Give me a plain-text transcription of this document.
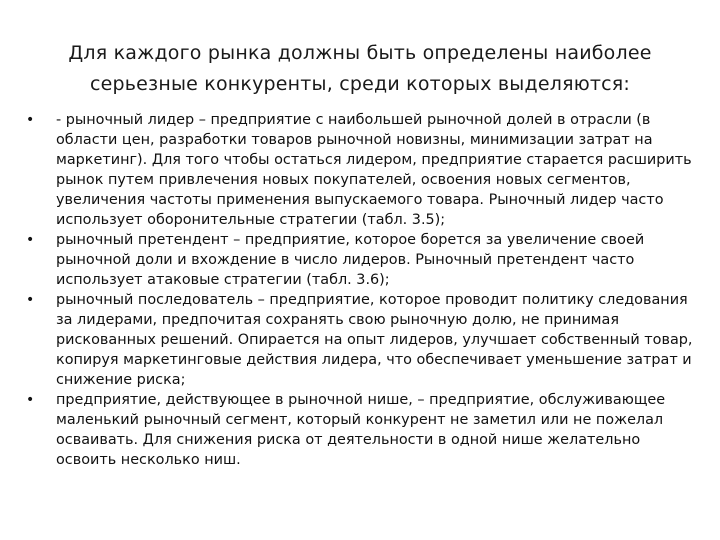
Для каждого рынка должны быть определены наиболее серьезные конкуренты, среди которых выделяются:
•	- рыночный лидер – предприятие с наибольшей рыночной долей в отрасли (в области цен, разработки товаров рыночной новизны, минимизации затрат на маркетинг). Для того чтобы остаться лидером, предприятие старается расширить рынок путем привлечения новых покупателей, освоения новых сегментов, увеличения частоты применения выпускаемого товара. Рыночный лидер часто использует оборонительные стратегии (табл. 3.5);
•	рыночный претендент – предприятие, которое борется за увеличение своей рыночной доли и вхождение в число лидеров. Рыночный претендент часто использует атаковые стратегии (табл. 3.6);
•	рыночный последователь – предприятие, которое проводит политику следования за лидерами, предпочитая сохранять свою рыночную долю, не принимая рискованных решений. Опирается на опыт лидеров, улучшает собственный товар, копируя маркетинговые действия лидера, что обеспечивает уменьшение затрат и снижение риска;
•	предприятие, действующее в рыночной нише, – предприятие, обслуживающее маленький рыночный сегмент, который конкурент не заметил или не пожелал осваивать. Для снижения риска от деятельности в одной нише желательно освоить несколько ниш.
